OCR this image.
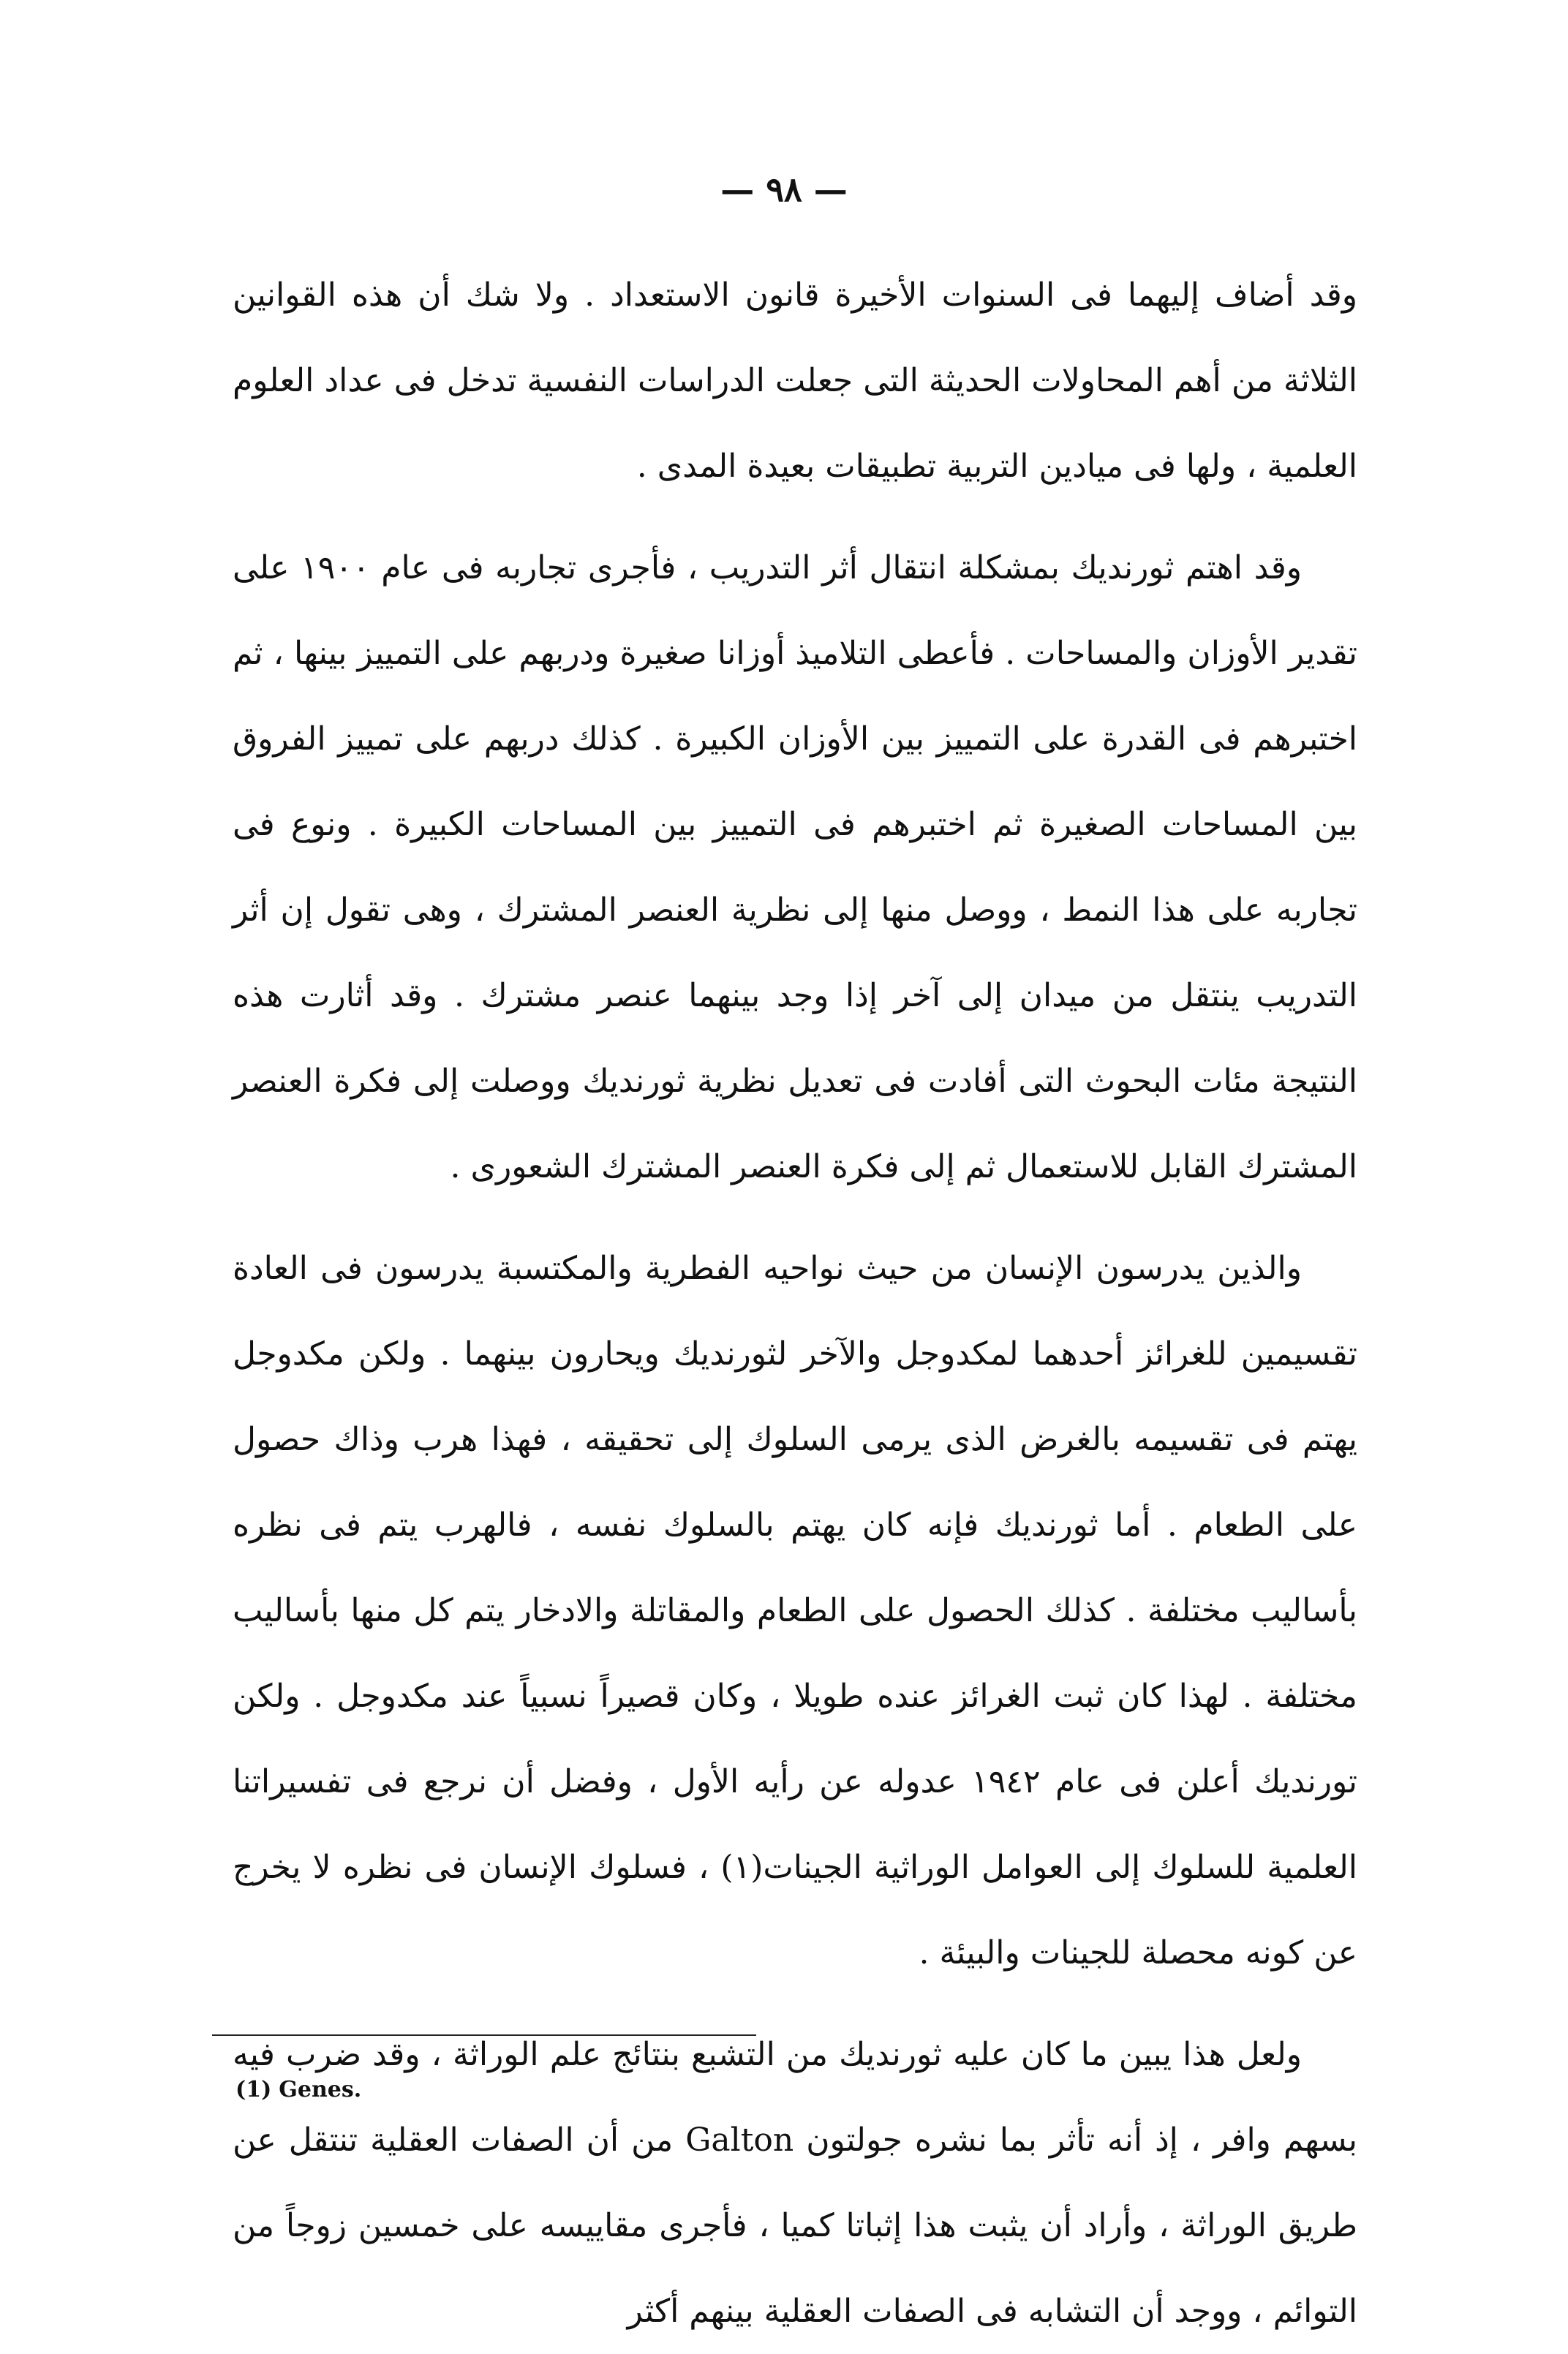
— ٩٨ —

وقد أضاف إليهما فى السنوات الأخيرة قانون الاستعداد . ولا شك أن هذه القوانين الثلاثة من أهم المحاولات الحديثة التى جعلت الدراسات النفسية تدخل فى عداد العلوم العلمية ، ولها فى ميادين التربية تطبيقات بعيدة المدى .

وقد اهتم ثورنديك بمشكلة انتقال أثر التدريب ، فأجرى تجاربه فى عام ١٩٠٠ على تقدير الأوزان والمساحات . فأعطى التلاميذ أوزانا صغيرة ودربهم على التمييز بينها ، ثم اختبرهم فى القدرة على التمييز بين الأوزان الكبيرة . كذلك دربهم على تمييز الفروق بين المساحات الصغيرة ثم اختبرهم فى التمييز بين المساحات الكبيرة . ونوع فى تجاربه على هذا النمط ، ووصل منها إلى نظرية العنصر المشترك ، وهى تقول إن أثر التدريب ينتقل من ميدان إلى آخر إذا وجد بينهما عنصر مشترك . وقد أثارت هذه النتيجة مئات البحوث التى أفادت فى تعديل نظرية ثورنديك ووصلت إلى فكرة العنصر المشترك القابل للاستعمال ثم إلى فكرة العنصر المشترك الشعورى .

والذين يدرسون الإنسان من حيث نواحيه الفطرية والمكتسبة يدرسون فى العادة تقسيمين للغرائز أحدهما لمكدوجل والآخر لثورنديك ويحارون بينهما . ولكن مكدوجل يهتم فى تقسيمه بالغرض الذى يرمى السلوك إلى تحقيقه ، فهذا هرب وذاك حصول على الطعام . أما ثورنديك فإنه كان يهتم بالسلوك نفسه ، فالهرب يتم فى نظره بأساليب مختلفة . كذلك الحصول على الطعام والمقاتلة والادخار يتم كل منها بأساليب مختلفة . لهذا كان ثبت الغرائز عنده طويلا ، وكان قصيراً نسبياً عند مكدوجل . ولكن تورنديك أعلن فى عام ١٩٤٢ عدوله عن رأيه الأول ، وفضل أن نرجع فى تفسيراتنا العلمية للسلوك إلى العوامل الوراثية الجينات(١) ، فسلوك الإنسان فى نظره لا يخرج عن كونه محصلة للجينات والبيئة .

ولعل هذا يبين ما كان عليه ثورنديك من التشبع بنتائج علم الوراثة ، وقد ضرب فيه بسهم وافر ، إذ أنه تأثر بما نشره جولتون Galton من أن الصفات العقلية تنتقل عن طريق الوراثة ، وأراد أن يثبت هذا إثباتا كميا ، فأجرى مقاييسه على خمسين زوجاً من التوائم ، ووجد أن التشابه فى الصفات العقلية بينهم أكثر

(1) Genes.
